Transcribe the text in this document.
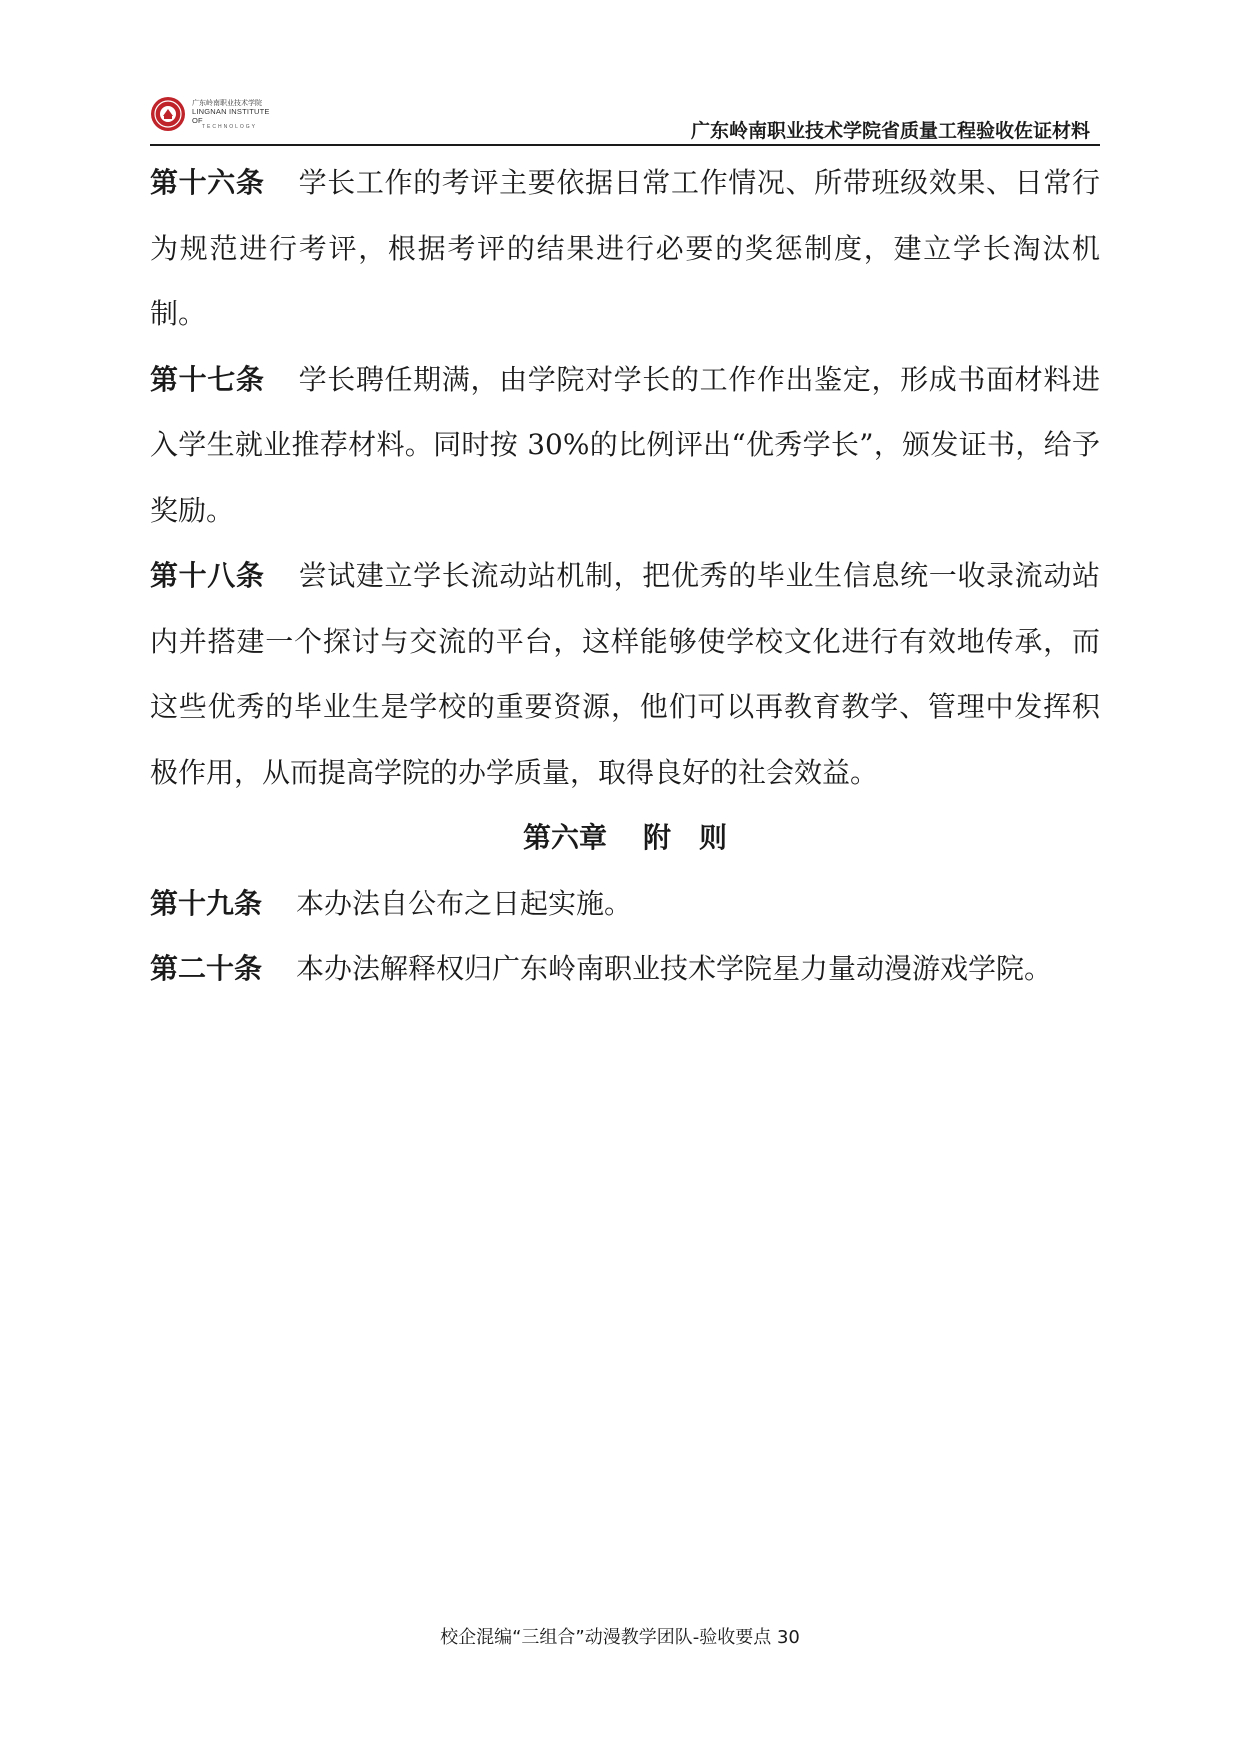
广东岭南职业技术学院
LINGNAN INSTITUTE OF
TECHNOLOGY	广东岭南职业技术学院省质量工程验收佐证材料

第十六条 学长工作的考评主要依据日常工作情况、所带班级效果、日常行为规范进行考评，根据考评的结果进行必要的奖惩制度，建立学长淘汰机制。

第十七条 学长聘任期满，由学院对学长的工作作出鉴定，形成书面材料进入学生就业推荐材料。同时按 30%的比例评出“优秀学长”，颁发证书，给予奖励。

第十八条 尝试建立学长流动站机制，把优秀的毕业生信息统一收录流动站内并搭建一个探讨与交流的平台，这样能够使学校文化进行有效地传承，而这些优秀的毕业生是学校的重要资源，他们可以再教育教学、管理中发挥积极作用，从而提高学院的办学质量，取得良好的社会效益。

第六章 附　则

第十九条 本办法自公布之日起实施。

第二十条 本办法解释权归广东岭南职业技术学院星力量动漫游戏学院。

校企混编“三组合”动漫教学团队-验收要点 30
